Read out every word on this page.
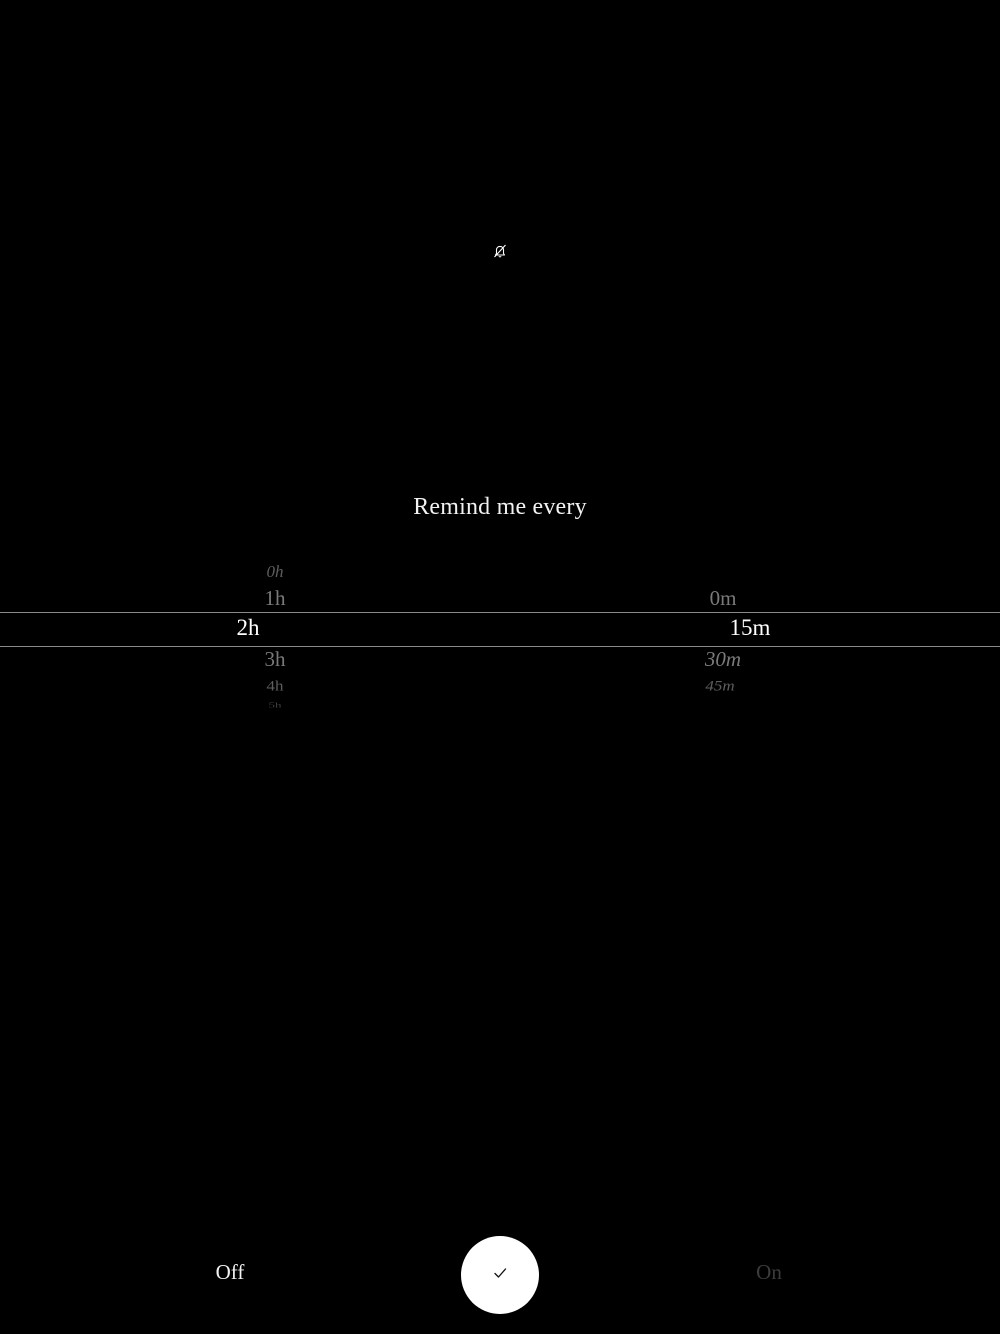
Remind me every
0h
1h
2h
3h
4h
5h
0m
15m
30m
45m
Off	On
